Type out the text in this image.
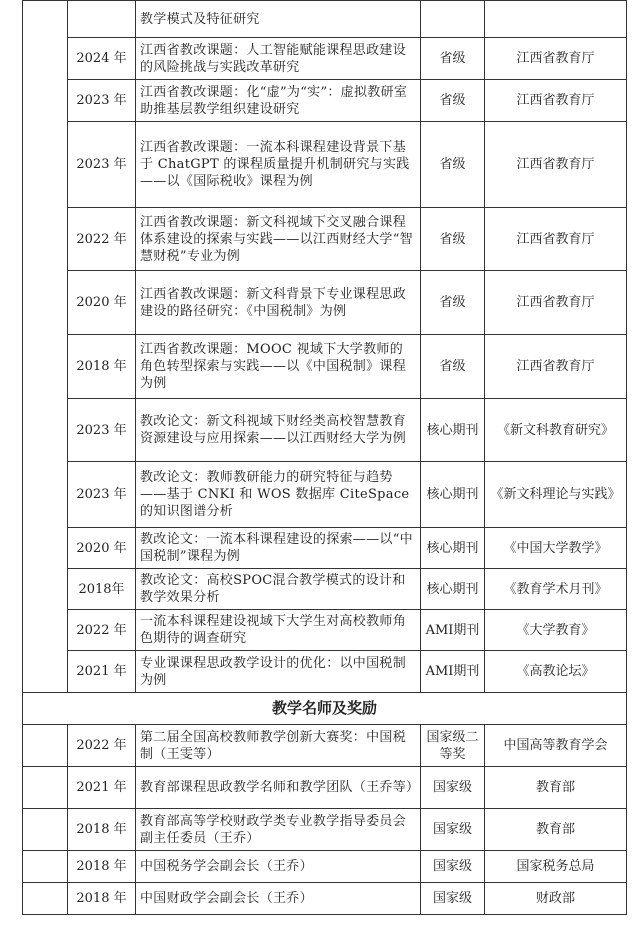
		教学模式及特征研究		
	2024 年	江西省教改课题：人工智能赋能课程思政建设的风险挑战与实践改革研究	省级	江西省教育厅
	2023 年	江西省教改课题：化“虚”为“实”：虚拟教研室助推基层教学组织建设研究	省级	江西省教育厅
	2023 年	江西省教改课题：一流本科课程建设背景下基于 ChatGPT 的课程质量提升机制研究与实践——以《国际税收》课程为例	省级	江西省教育厅
	2022 年	江西省教改课题：新文科视域下交叉融合课程体系建设的探索与实践——以江西财经大学“智慧财税”专业为例	省级	江西省教育厅
	2020 年	江西省教改课题：新文科背景下专业课程思政建设的路径研究：《中国税制》为例	省级	江西省教育厅
	2018 年	江西省教改课题：MOOC 视域下大学教师的角色转型探索与实践——以《中国税制》课程为例	省级	江西省教育厅
	2023 年	教改论文：新文科视域下财经类高校智慧教育资源建设与应用探索——以江西财经大学为例	核心期刊	《新文科教育研究》
	2023 年	教改论文：教师教研能力的研究特征与趋势——基于 CNKI 和 WOS 数据库 CiteSpace 的知识图谱分析	核心期刊	《新文科理论与实践》
	2020 年	教改论文：一流本科课程建设的探索——以“中国税制”课程为例	核心期刊	《中国大学教学》
	2018年	教改论文：高校SPOC混合教学模式的设计和教学效果分析	核心期刊	《教育学术月刊》
	2022 年	一流本科课程建设视域下大学生对高校教师角色期待的调查研究	AMI期刊	《大学教育》
	2021 年	专业课课程思政教学设计的优化：以中国税制为例	AMI期刊	《高教论坛》
教学名师及奖励				
	2022 年	第二届全国高校教师教学创新大赛奖：中国税制（王雯等）	国家级二等奖	中国高等教育学会
	2021 年	教育部课程思政教学名师和教学团队（王乔等）	国家级	教育部
	2018 年	教育部高等学校财政学类专业教学指导委员会副主任委员（王乔）	国家级	教育部
	2018 年	中国税务学会副会长（王乔）	国家级	国家税务总局
	2018 年	中国财政学会副会长（王乔）	国家级	财政部
